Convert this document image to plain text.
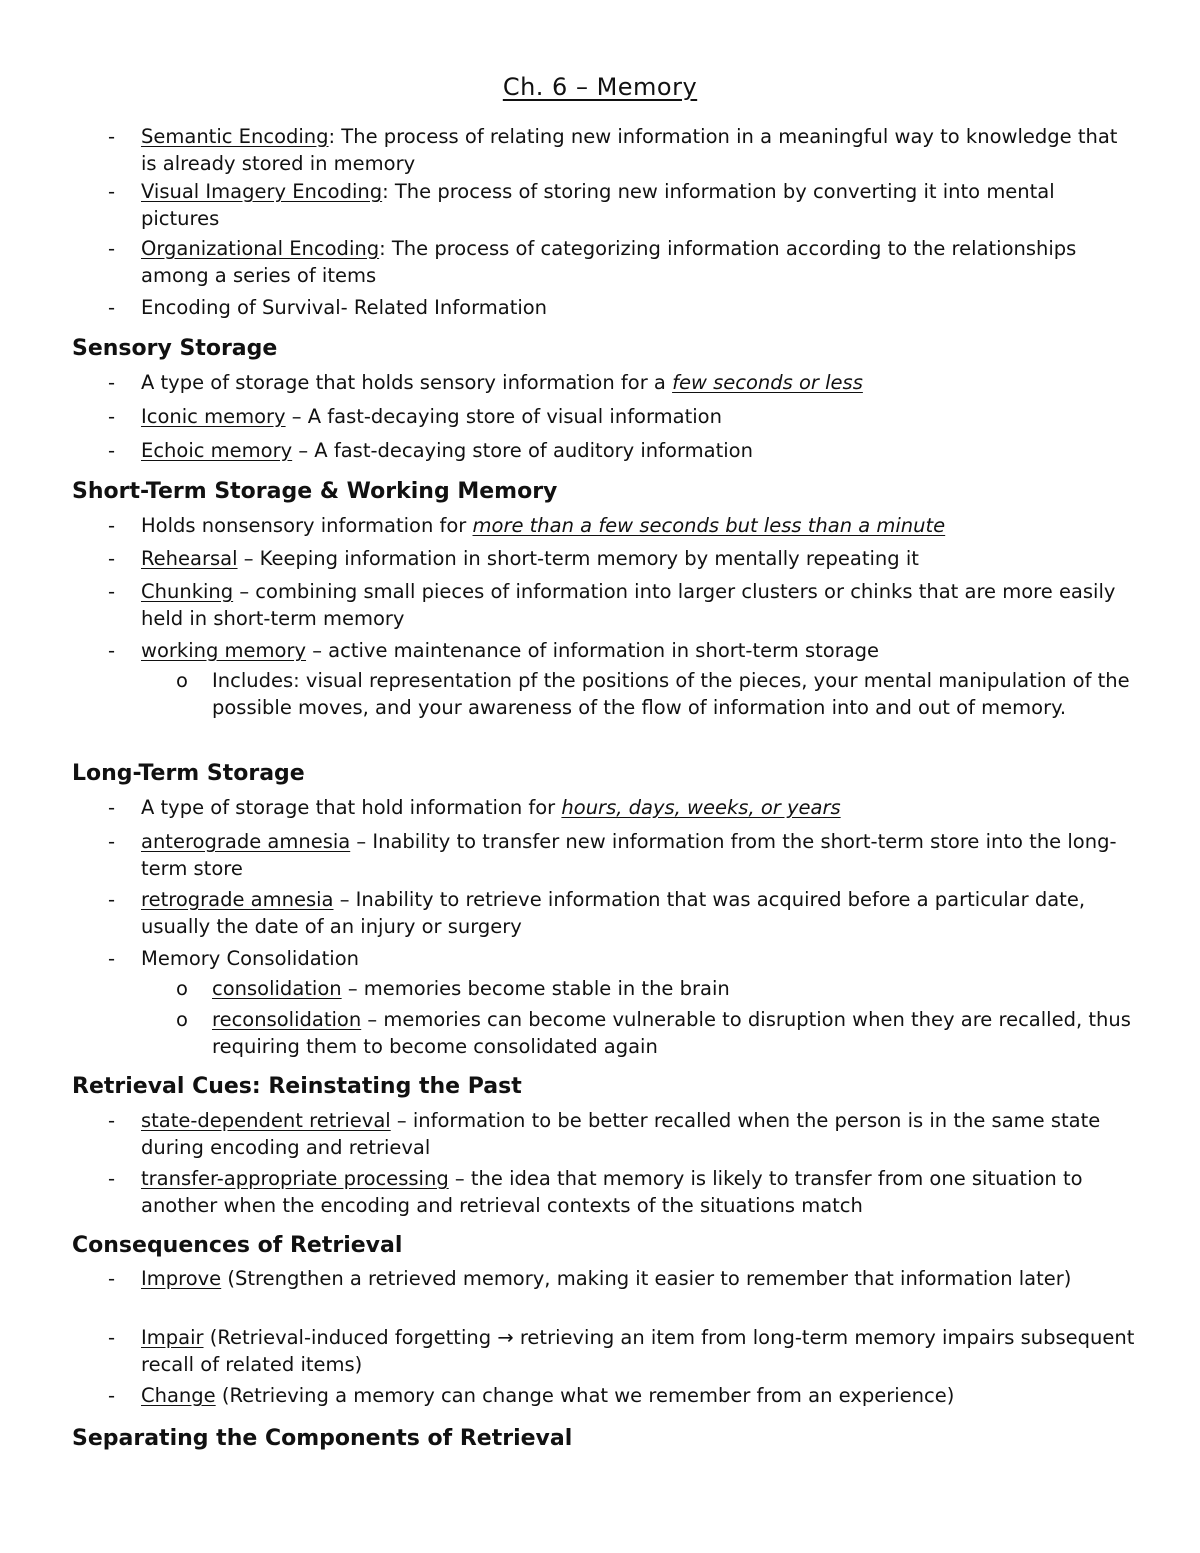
Ch. 6 – Memory
- Semantic Encoding: The process of relating new information in a meaningful way to knowledge that is already stored in memory
- Visual Imagery Encoding: The process of storing new information by converting it into mental pictures
- Organizational Encoding: The process of categorizing information according to the relationships among a series of items
- Encoding of Survival- Related Information
Sensory Storage
- A type of storage that holds sensory information for a few seconds or less
- Iconic memory – A fast-decaying store of visual information
- Echoic memory – A fast-decaying store of auditory information
Short-Term Storage & Working Memory
- Holds nonsensory information for more than a few seconds but less than a minute
- Rehearsal – Keeping information in short-term memory by mentally repeating it
- Chunking – combining small pieces of information into larger clusters or chinks that are more easily held in short-term memory
- working memory – active maintenance of information in short-term storage
o Includes: visual representation pf the positions of the pieces, your mental manipulation of the possible moves, and your awareness of the flow of information into and out of memory.
Long-Term Storage
- A type of storage that hold information for hours, days, weeks, or years
- anterograde amnesia – Inability to transfer new information from the short-term store into the long-term store
- retrograde amnesia – Inability to retrieve information that was acquired before a particular date, usually the date of an injury or surgery
- Memory Consolidation
o consolidation – memories become stable in the brain
o reconsolidation – memories can become vulnerable to disruption when they are recalled, thus requiring them to become consolidated again
Retrieval Cues: Reinstating the Past
- state-dependent retrieval – information to be better recalled when the person is in the same state during encoding and retrieval
- transfer-appropriate processing – the idea that memory is likely to transfer from one situation to another when the encoding and retrieval contexts of the situations match
Consequences of Retrieval
- Improve (Strengthen a retrieved memory, making it easier to remember that information later)
- Impair (Retrieval-induced forgetting → retrieving an item from long-term memory impairs subsequent recall of related items)
- Change (Retrieving a memory can change what we remember from an experience)
Separating the Components of Retrieval
